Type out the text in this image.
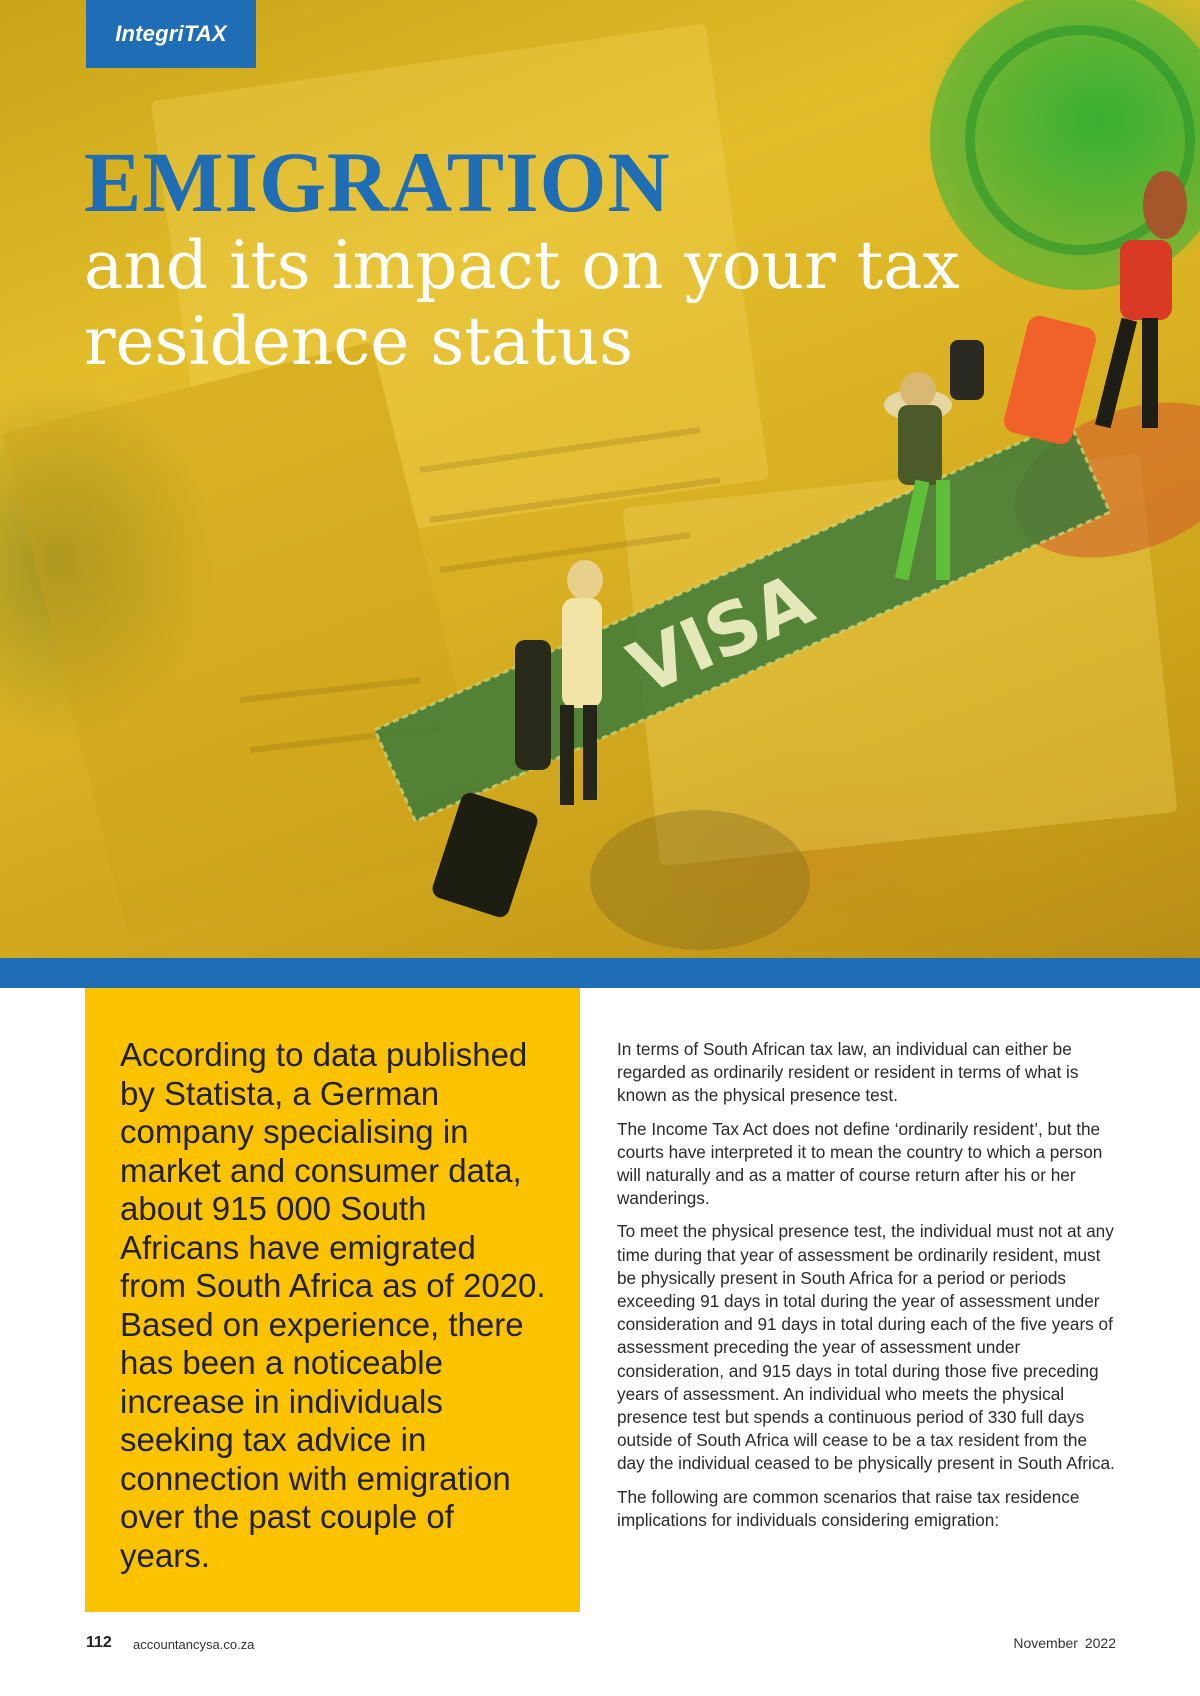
VISA
IntegriTAX
EMIGRATION
and its impact on your tax residence status

According to data published by Statista, a German company specialising in market and consumer data, about 915 000 South Africans have emigrated from South Africa as of 2020. Based on experience, there has been a noticeable increase in individuals seeking tax advice in connection with emigration over the past couple of years.

In terms of South African tax law, an individual can either be regarded as ordinarily resident or resident in terms of what is known as the physical presence test.

The Income Tax Act does not define ‘ordinarily resident’, but the courts have interpreted it to mean the country to which a person will naturally and as a matter of course return after his or her wanderings.

To meet the physical presence test, the individual must not at any time during that year of assessment be ordinarily resident, must be physically present in South Africa for a period or periods exceeding 91 days in total during the year of assessment under consideration and 91 days in total during each of the five years of assessment preceding the year of assessment under consideration, and 915 days in total during those five preceding years of assessment. An individual who meets the physical presence test but spends a continuous period of 330 full days outside of South Africa will cease to be a tax resident from the day the individual ceased to be physically present in South Africa.

The following are common scenarios that raise tax residence implications for individuals considering emigration:

112 accountancysa.co.za	November 2022
